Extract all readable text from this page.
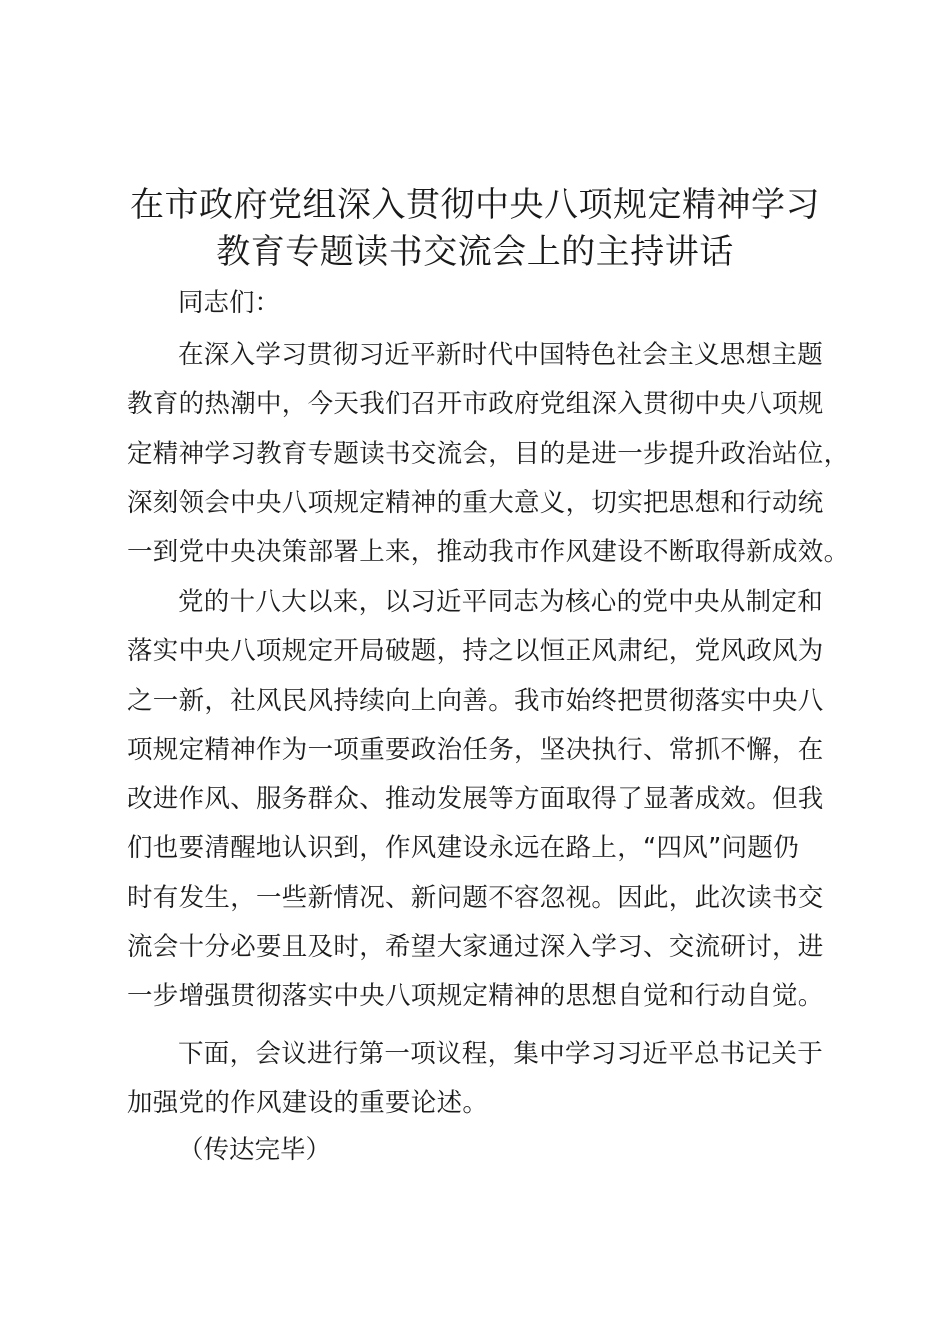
在市政府党组深入贯彻中央八项规定精神学习
教育专题读书交流会上的主持讲话
同志们：
在深入学习贯彻习近平新时代中国特色社会主义思想主题
教育的热潮中，今天我们召开市政府党组深入贯彻中央八项规
定精神学习教育专题读书交流会，目的是进一步提升政治站位，
深刻领会中央八项规定精神的重大意义，切实把思想和行动统
一到党中央决策部署上来，推动我市作风建设不断取得新成效。
党的十八大以来，以习近平同志为核心的党中央从制定和
落实中央八项规定开局破题，持之以恒正风肃纪，党风政风为
之一新，社风民风持续向上向善。我市始终把贯彻落实中央八
项规定精神作为一项重要政治任务，坚决执行、常抓不懈，在
改进作风、服务群众、推动发展等方面取得了显著成效。但我
们也要清醒地认识到，作风建设永远在路上，“四风”问题仍
时有发生，一些新情况、新问题不容忽视。因此，此次读书交
流会十分必要且及时，希望大家通过深入学习、交流研讨，进
一步增强贯彻落实中央八项规定精神的思想自觉和行动自觉。
下面，会议进行第一项议程，集中学习习近平总书记关于
加强党的作风建设的重要论述。
（传达完毕）
